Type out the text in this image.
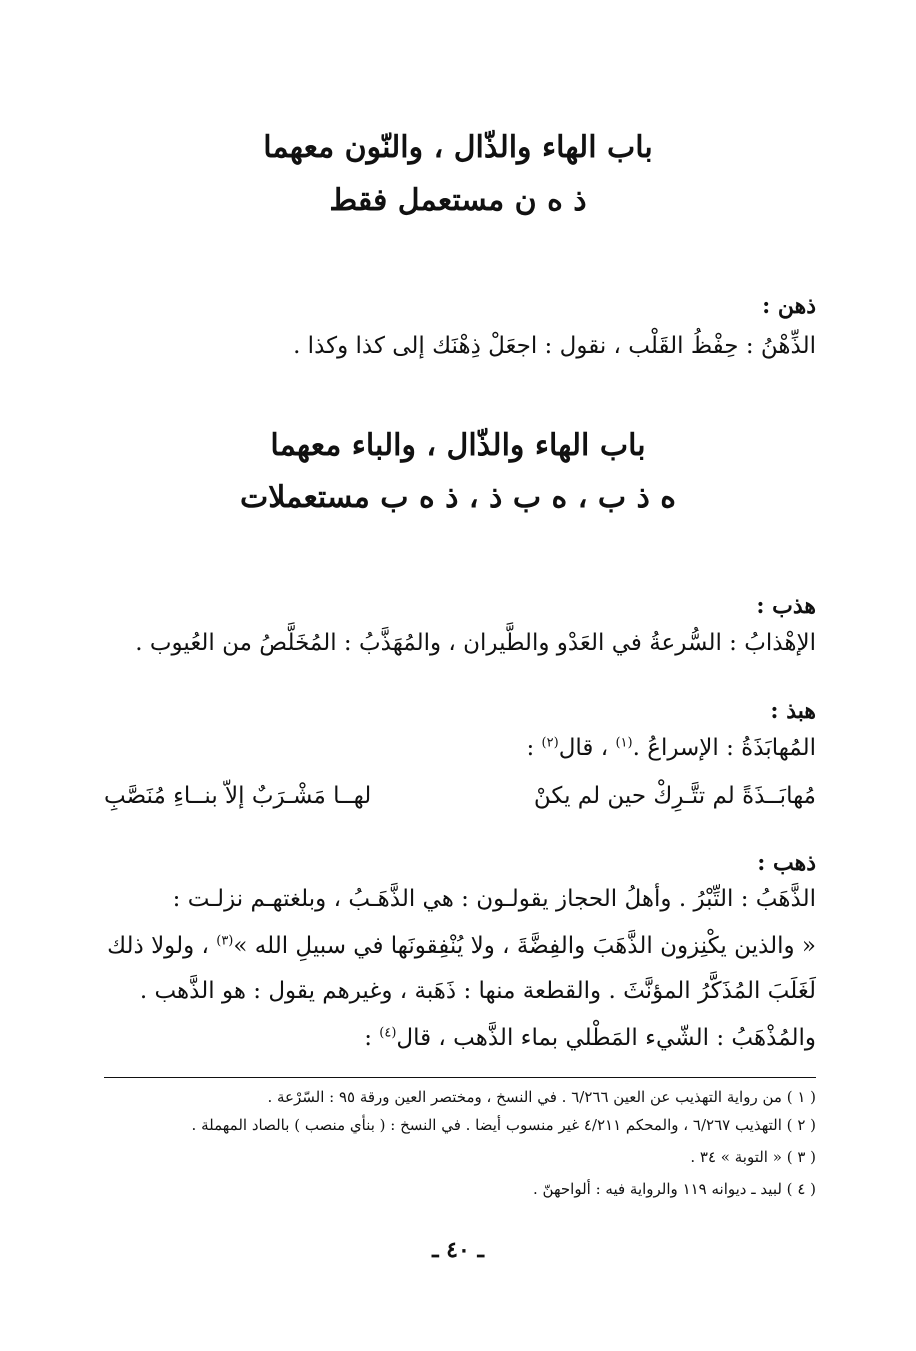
باب الهاء والذّال ، والنّون معهما
ذ ه ن مستعمل فقط
ذهن :
الذِّهْنُ : حِفْظُ القَلْب ، نقول : اجعَلْ ذِهْنَك إلى كذا وكذا .
باب الهاء والذّال ، والباء معهما
ه ذ ب ، ه ب ذ ، ذ ه ب مستعملات
هذب :
الإهْذابُ : السُّرعةُ في العَدْو والطَّيران ، والمُهَذَّبُ : المُخَلَّصُ من العُيوب .
هبذ :
المُهابَذَةُ : الإسراعُ .$^{(١)}$ ، قال$^{(٢)}$ :
مُهابَــذَةً لم تتَّـرِكْ حين لم يكنْ
لهــا مَشْـرَبٌ إلاّ بنــاءِ مُنَصَّبِ
ذهب :
الذَّهَبُ : التِّبْرُ . وأهلُ الحجاز يقولـون : هي الذَّهَـبُ ، وبلغتهـم نزلـت :
« والذين يكْنِزون الذَّهَبَ والفِضَّةَ ، ولا يُنْفِقونَها في سبيلِ الله »$^{(٣)}$ ، ولولا ذلك
لَغَلَبَ المُذَكَّرُ المؤنَّثَ . والقطعة منها : ذَهَبة ، وغيرهم يقول : هو الذَّهب .
والمُذْهَبُ : الشّيء المَطْلي بماء الذَّهب ، قال$^{(٤)}$ :
( ١ ) من رواية التهذيب عن العين ٦/٢٦٦ . في النسخ ، ومختصر العين ورقة ٩٥ : السّرْعة .
( ٢ ) التهذيب ٦/٢٦٧ ، والمحكم ٤/٢١١ غير منسوب أيضا . في النسخ : ( بنأي منصب ) بالصاد المهملة .
( ٣ ) « التوبة » ٣٤ .
( ٤ ) لبيد ـ ديوانه ١١٩ والرواية فيه : ألواحهنّ .
ـ ٤٠ ـ
